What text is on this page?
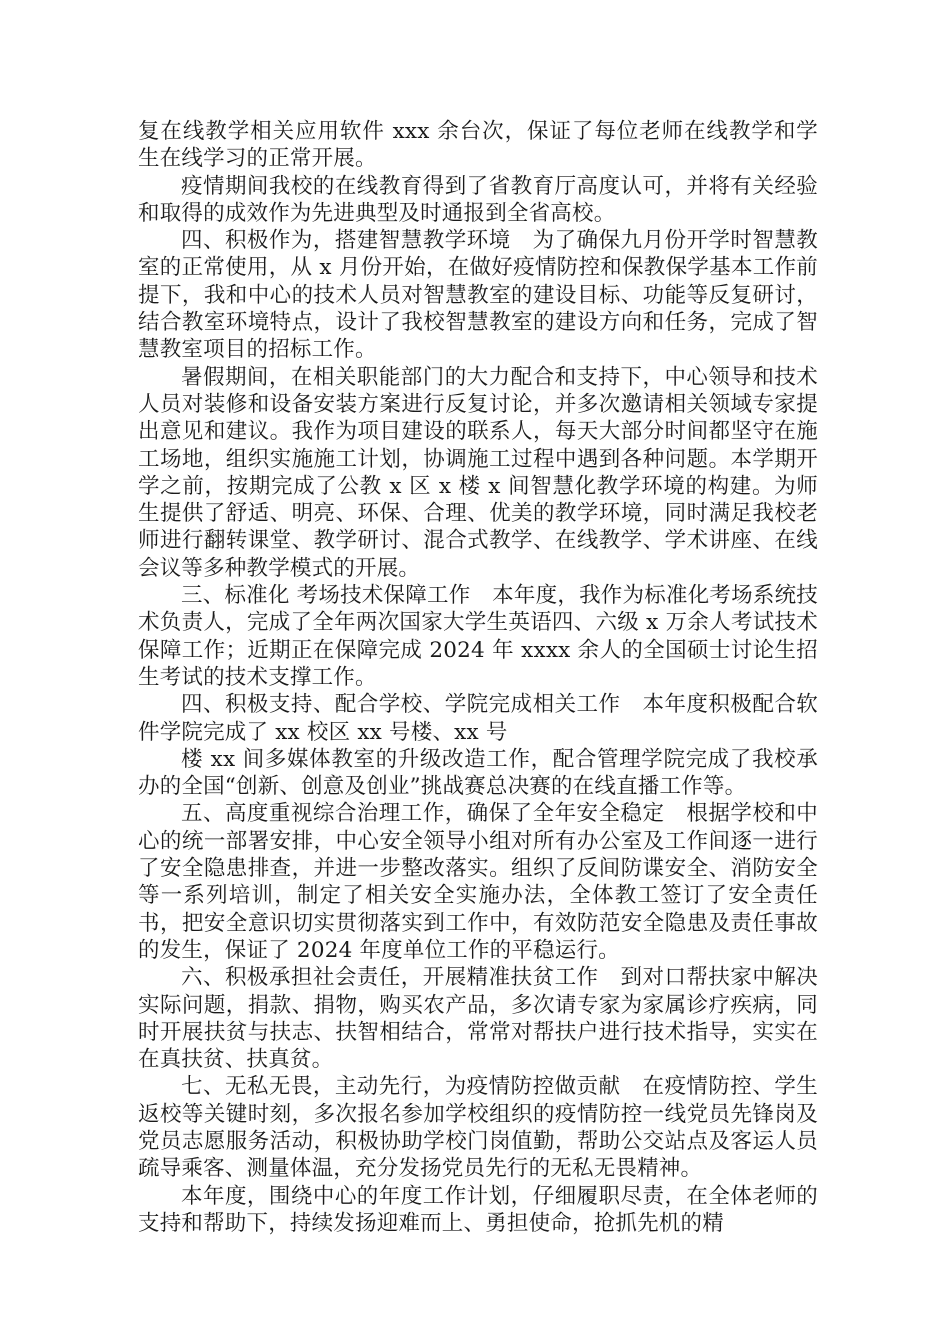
复在线教学相关应用软件 xxx 余台次，保证了每位老师在线教学和学生在线学习的正常开展。

疫情期间我校的在线教育得到了省教育厅高度认可，并将有关经验和取得的成效作为先进典型及时通报到全省高校。

四、积极作为，搭建智慧教学环境　为了确保九月份开学时智慧教室的正常使用，从 x 月份开始，在做好疫情防控和保教保学基本工作前提下，我和中心的技术人员对智慧教室的建设目标、功能等反复研讨，结合教室环境特点，设计了我校智慧教室的建设方向和任务，完成了智慧教室项目的招标工作。

暑假期间，在相关职能部门的大力配合和支持下，中心领导和技术人员对装修和设备安装方案进行反复讨论，并多次邀请相关领域专家提出意见和建议。我作为项目建设的联系人，每天大部分时间都坚守在施工场地，组织实施施工计划，协调施工过程中遇到各种问题。本学期开学之前，按期完成了公教 x 区 x 楼 x 间智慧化教学环境的构建。为师生提供了舒适、明亮、环保、合理、优美的教学环境，同时满足我校老师进行翻转课堂、教学研讨、混合式教学、在线教学、学术讲座、在线会议等多种教学模式的开展。

三、标准化 考场技术保障工作　本年度，我作为标准化考场系统技术负责人，完成了全年两次国家大学生英语四、六级 x 万余人考试技术保障工作；近期正在保障完成 2024 年 xxxx 余人的全国硕士讨论生招生考试的技术支撑工作。

四、积极支持、配合学校、学院完成相关工作　本年度积极配合软件学院完成了 xx 校区 xx 号楼、xx 号

楼 xx 间多媒体教室的升级改造工作，配合管理学院完成了我校承办的全国“创新、创意及创业”挑战赛总决赛的在线直播工作等。

五、高度重视综合治理工作，确保了全年安全稳定　根据学校和中心的统一部署安排，中心安全领导小组对所有办公室及工作间逐一进行了安全隐患排查，并进一步整改落实。组织了反间防谍安全、消防安全等一系列培训，制定了相关安全实施办法，全体教工签订了安全责任书，把安全意识切实贯彻落实到工作中，有效防范安全隐患及责任事故的发生，保证了 2024 年度单位工作的平稳运行。

六、积极承担社会责任，开展精准扶贫工作　到对口帮扶家中解决实际问题，捐款、捐物，购买农产品，多次请专家为家属诊疗疾病，同时开展扶贫与扶志、扶智相结合，常常对帮扶户进行技术指导，实实在在真扶贫、扶真贫。

七、无私无畏，主动先行，为疫情防控做贡献　在疫情防控、学生返校等关键时刻，多次报名参加学校组织的疫情防控一线党员先锋岗及党员志愿服务活动，积极协助学校门岗值勤，帮助公交站点及客运人员疏导乘客、测量体温，充分发扬党员先行的无私无畏精神。

本年度，围绕中心的年度工作计划，仔细履职尽责，在全体老师的支持和帮助下，持续发扬迎难而上、勇担使命，抢抓先机的精
